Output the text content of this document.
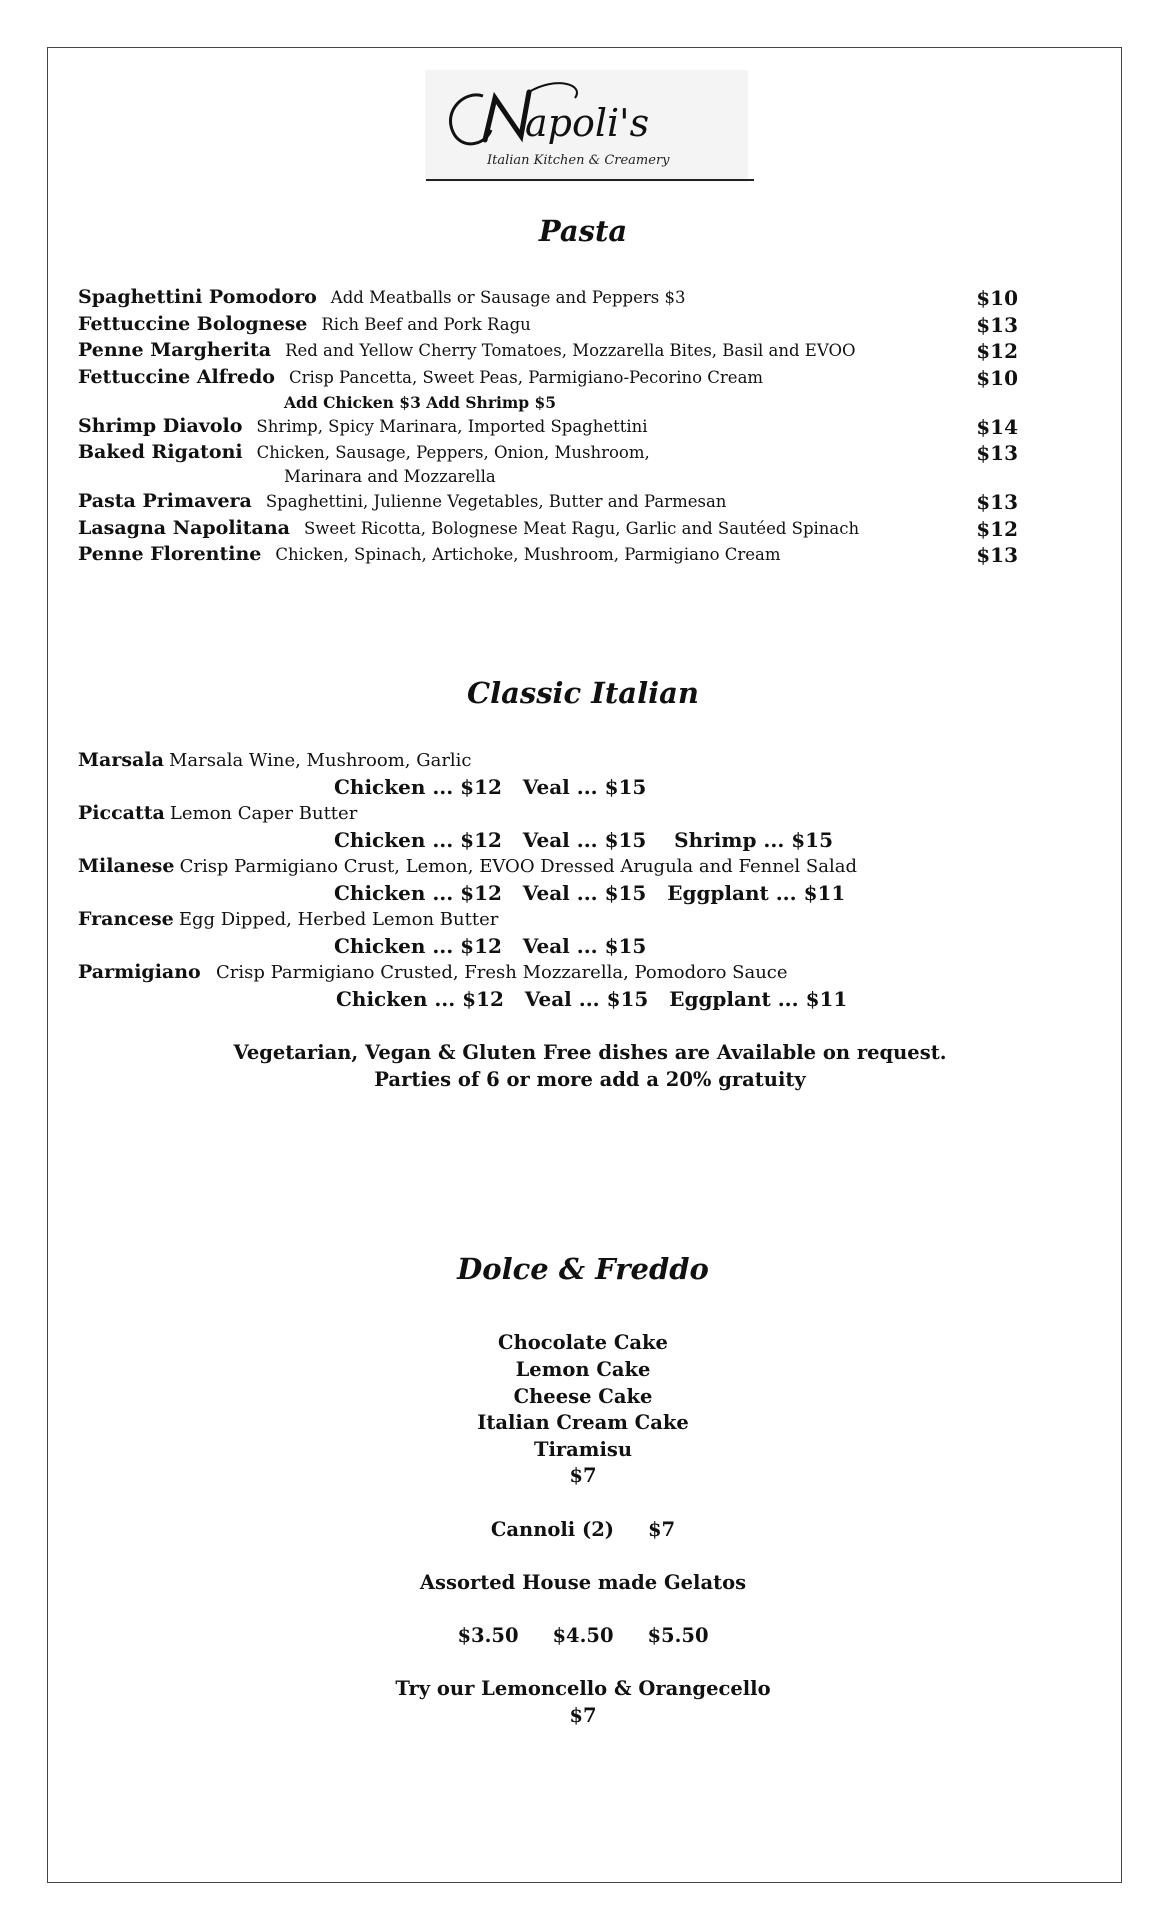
apoli's
Italian Kitchen & Creamery
Pasta
Spaghettini Pomodoro Add Meatballs or Sausage and Peppers $3	$10
Fettuccine Bolognese Rich Beef and Pork Ragu	$13
Penne Margherita Red and Yellow Cherry Tomatoes, Mozzarella Bites, Basil and EVOO	$12
Fettuccine Alfredo Crisp Pancetta, Sweet Peas, Parmigiano-Pecorino Cream	$10
Add Chicken $3 Add Shrimp $5
Shrimp Diavolo Shrimp, Spicy Marinara, Imported Spaghettini	$14
Baked Rigatoni Chicken, Sausage, Peppers, Onion, Mushroom,	$13
Marinara and Mozzarella
Pasta Primavera Spaghettini, Julienne Vegetables, Butter and Parmesan	$13
Lasagna Napolitana Sweet Ricotta, Bolognese Meat Ragu, Garlic and Sautéed Spinach	$12
Penne Florentine Chicken, Spinach, Artichoke, Mushroom, Parmigiano Cream	$13
Classic Italian
Marsala Marsala Wine, Mushroom, Garlic
Chicken ... $12   Veal ... $15
Piccatta Lemon Caper Butter
Chicken ... $12   Veal ... $15    Shrimp ... $15
Milanese Crisp Parmigiano Crust, Lemon, EVOO Dressed Arugula and Fennel Salad
Chicken ... $12   Veal ... $15   Eggplant ... $11
Francese Egg Dipped, Herbed Lemon Butter
Chicken ... $12   Veal ... $15
Parmigiano Crisp Parmigiano Crusted, Fresh Mozzarella, Pomodoro Sauce
Chicken ... $12   Veal ... $15   Eggplant ... $11
Vegetarian, Vegan & Gluten Free dishes are Available on request.
Parties of 6 or more add a 20% gratuity
Dolce & Freddo
Chocolate Cake
Lemon Cake
Cheese Cake
Italian Cream Cake
Tiramisu
$7
Cannoli (2)     $7
Assorted House made Gelatos
$3.50     $4.50     $5.50
Try our Lemoncello & Orangecello
$7
